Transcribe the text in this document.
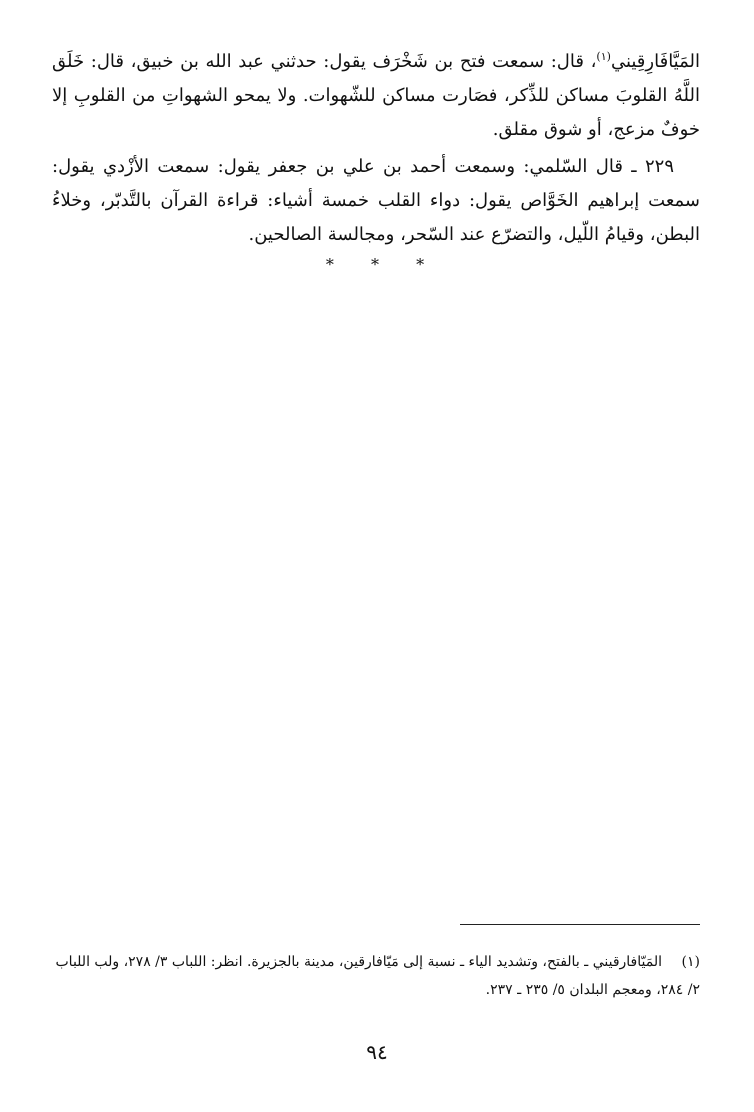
المَيَّافَارِقِيني$^{(١)}$، قال: سمعت فتح بن شَخْرَف يقول: حدثني عبد الله بن خبيق، قال: خَلَق اللَّهُ القلوبَ مساكن للذِّكر، فصَارت مساكن للشّهوات. ولا يمحو الشهواتِ من القلوبِ إلا خوفٌ مزعج، أو شوق مقلق.

٢٢٩ ـ قال السّلمي: وسمعت أحمد بن علي بن جعفر يقول: سمعت الأزْدي يقول: سمعت إبراهيم الخَوَّاص يقول: دواء القلب خمسة أشياء: قراءة القرآن بالتَّدبّر، وخلاءُ البطن، وقيامُ اللّيل، والتضرّع عند السّحر، ومجالسة الصالحين.

* * *

(١)المَيّافارقيني ـ بالفتح، وتشديد الياء ـ نسبة إلى مَيّافارقين، مدينة بالجزيرة. انظر: اللباب ٣/ ٢٧٨، ولب اللباب ٢/ ٢٨٤، ومعجم البلدان ٥/ ٢٣٥ ـ ٢٣٧.

٩٤
